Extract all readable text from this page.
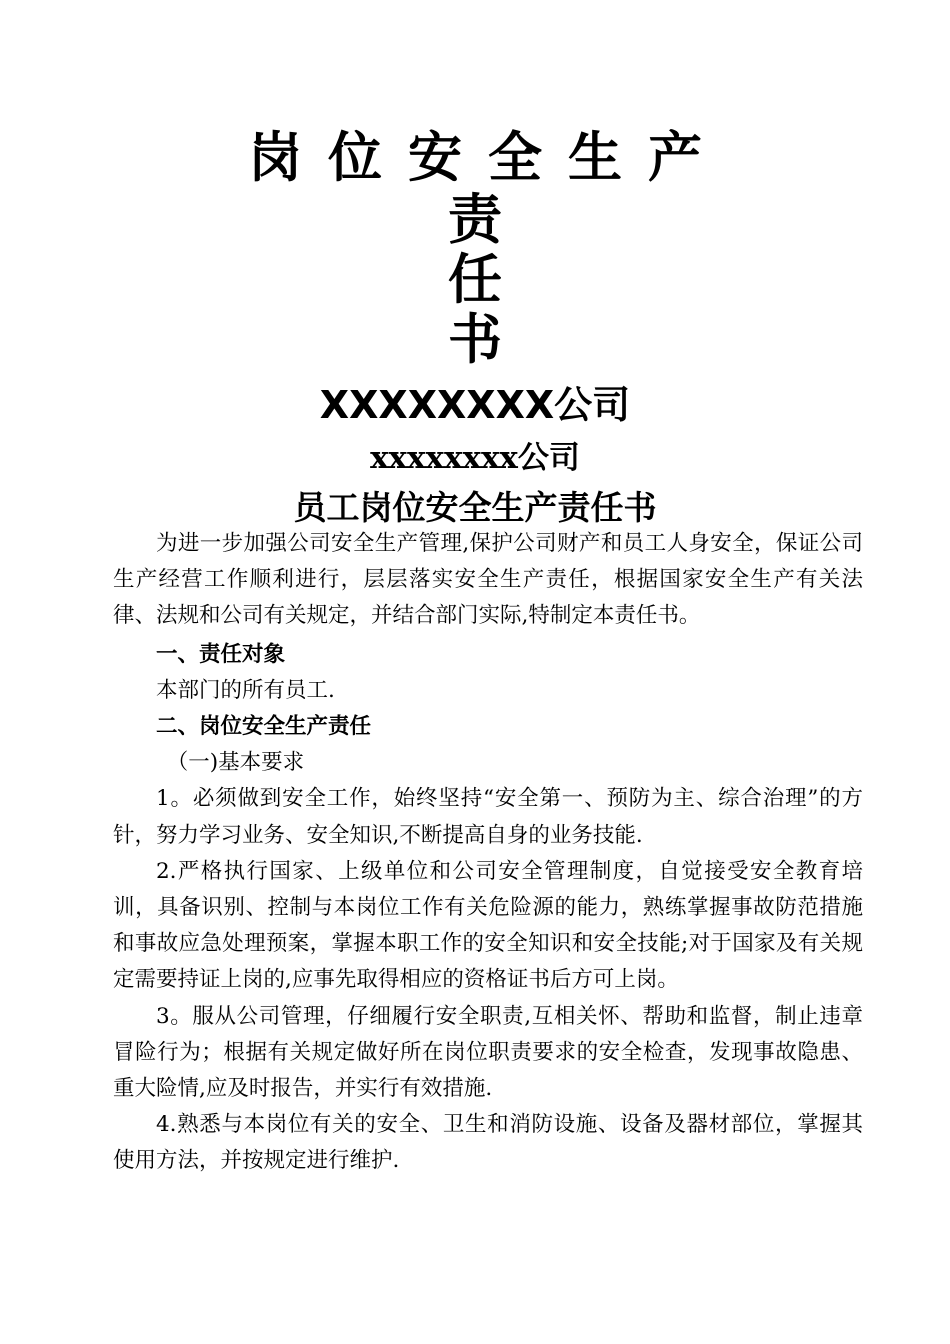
岗位安全生产
责
任
书
XXXXXXXX公司
xxxxxxxx公司
员工岗位安全生产责任书

为进一步加强公司安全生产管理,保护公司财产和员工人身安全，保证公司生产经营工作顺利进行，层层落实安全生产责任，根据国家安全生产有关法律、法规和公司有关规定，并结合部门实际,特制定本责任书。

一、责任对象

本部门的所有员工.

二、岗位安全生产责任

（一)基本要求

1。必须做到安全工作，始终坚持“安全第一、预防为主、综合治理”的方针，努力学习业务、安全知识,不断提高自身的业务技能.

2.严格执行国家、上级单位和公司安全管理制度，自觉接受安全教育培训，具备识别、控制与本岗位工作有关危险源的能力，熟练掌握事故防范措施和事故应急处理预案，掌握本职工作的安全知识和安全技能;对于国家及有关规定需要持证上岗的,应事先取得相应的资格证书后方可上岗。

3。服从公司管理，仔细履行安全职责,互相关怀、帮助和监督，制止违章冒险行为；根据有关规定做好所在岗位职责要求的安全检查，发现事故隐患、重大险情,应及时报告，并实行有效措施.

4.熟悉与本岗位有关的安全、卫生和消防设施、设备及器材部位，掌握其使用方法，并按规定进行维护.
